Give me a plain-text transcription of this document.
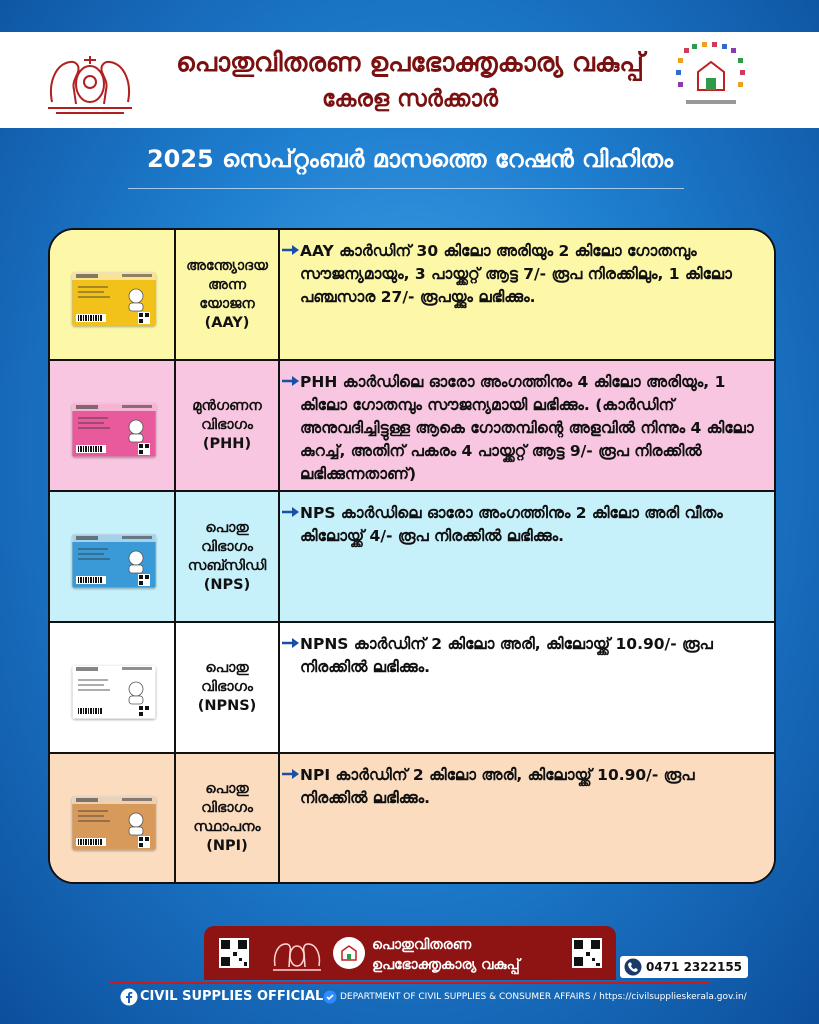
പൊതുവിതരണ ഉപഭോക്തൃകാര്യ വകുപ്പ്
കേരള സർക്കാർ
2025 സെപ്റ്റംബർ മാസത്തെ റേഷൻ വിഹിതം
അന്ത്യോദയ
അന്ന
യോജന
(AAY)
AAY കാർഡിന് 30 കിലോ അരിയും 2 കിലോ ഗോതമ്പും സൗജന്യമായും, 3 പായ്ക്കറ്റ് ആട്ട 7/- രൂപ നിരക്കിലും, 1 കിലോ പഞ്ചസാര 27/- രൂപയ്ക്കും ലഭിക്കും.
മുൻഗണന
വിഭാഗം
(PHH)
PHH കാർഡിലെ ഓരോ അംഗത്തിനും 4 കിലോ അരിയും, 1 കിലോ ഗോതമ്പും സൗജന്യമായി ലഭിക്കും. (കാർഡിന് അനുവദിച്ചിട്ടുള്ള ആകെ ഗോതമ്പിന്റെ അളവിൽ നിന്നും 4 കിലോ കുറച്ച്, അതിന് പകരം 4 പായ്ക്കറ്റ് ആട്ട 9/- രൂപ നിരക്കിൽ ലഭിക്കുന്നതാണ്)
പൊതു
വിഭാഗം
സബ്സിഡി
(NPS)
NPS കാർഡിലെ ഓരോ അംഗത്തിനും 2 കിലോ അരി വീതം കിലോയ്ക്ക് 4/- രൂപ നിരക്കിൽ ലഭിക്കും.
പൊതു
വിഭാഗം
(NPNS)
NPNS കാർഡിന് 2 കിലോ അരി, കിലോയ്ക്ക് 10.90/- രൂപ നിരക്കിൽ ലഭിക്കും.
പൊതു
വിഭാഗം
സ്ഥാപനം
(NPI)
NPI കാർഡിന് 2 കിലോ അരി, കിലോയ്ക്ക് 10.90/- രൂപ നിരക്കിൽ ലഭിക്കും.
പൊതുവിതരണ
ഉപഭോക്തൃകാര്യ വകുപ്പ്	0471 2322155
CIVIL SUPPLIES OFFICIAL DEPARTMENT OF CIVIL SUPPLIES & CONSUMER AFFAIRS / https://civilsupplieskerala.gov.in/
